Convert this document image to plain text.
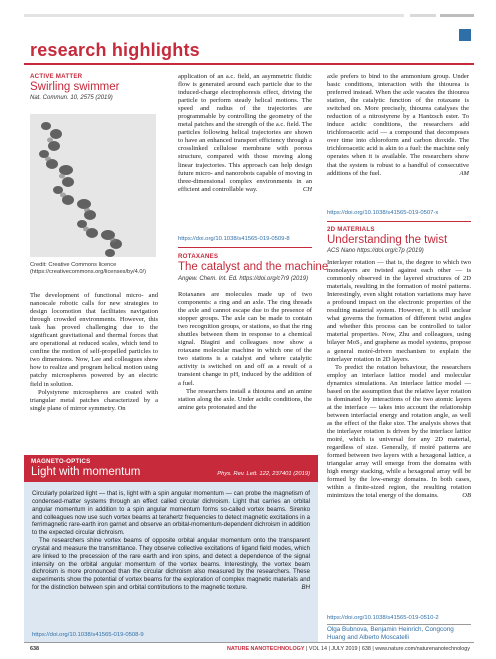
research highlights
ACTIVE MATTER
Swirling swimmer
Nat. Commun. 10, 2575 (2019)
Credit: Creative Commons licence (https://creativecommons.org/licenses/by/4.0/)

The development of functional micro- and nanoscale robotic calls for new strategies to design locomotion that facilitates navigation through crowded environments. However, this task has proved challenging due to the significant gravitational and thermal forces that are operational at reduced scales, which tend to confine the motion of self-propelled particles to two dimensions. Now, Lee and colleagues show how to realize and program helical motion using patchy microspheres powered by an electric field in solution.

Polystyrene microspheres are coated with triangular metal patches characterized by a single plane of mirror symmetry. On

application of an a.c. field, an asymmetric fluidic flow is generated around each particle due to the induced-charge electrophoresis effect, driving the particle to perform steady helical motions. The speed and radius of the trajectories are programmable by controlling the geometry of the metal patches and the strength of the a.c. field. The particles following helical trajectories are shown to have an enhanced transport efficiency through a crosslinked cellulose membrane with porous structure, compared with those moving along linear trajectories. This approach can help design future micro- and nanorobots capable of moving in three-dimensional complex environments in an efficient and controllable way.	CH

https://doi.org/10.1038/s41565-019-0509-8
ROTAXANES
The catalyst and the machine
Angew. Chem. Int. Ed. https://doi.org/c7r9 (2019)

Rotaxanes are molecules made up of two components: a ring and an axle. The ring threads the axle and cannot escape due to the presence of stopper groups. The axle can be made to contain two recognition groups, or stations, so that the ring shuttles between them in response to a chemical signal. Biagini and colleagues now show a rotaxane molecular machine in which one of the two stations is a catalyst and where catalytic activity is switched on and off as a result of a transient change in pH, induced by the addition of a fuel.

The researchers install a thiourea and an amine station along the axle. Under acidic conditions, the amine gets protonated and the

axle prefers to bind to the ammonium group. Under basic conditions, interaction with the thiourea is preferred instead. When the axle vacates the thiourea station, the catalytic function of the rotaxane is switched on. More precisely, thiourea catalyses the reduction of a nitrostyrene by a Hantzsch ester. To induce acidic conditions, the researchers add trichloroacetic acid — a compound that decomposes over time into chloroform and carbon dioxide. The trichloroacetic acid is akin to a fuel: the machine only operates when it is available. The researchers show that the system is robust to a handful of consecutive additions of the fuel.	AM

https://doi.org/10.1038/s41565-019-0507-x
2D MATERIALS
Understanding the twist
ACS Nano https://doi.org/c7p (2019)

Interlayer rotation — that is, the degree to which two monolayers are twisted against each other — is commonly observed in the layered structures of 2D materials, resulting in the formation of moiré patterns. Interestingly, even slight rotation variations may have a profound impact on the electronic properties of the resulting material system. However, it is still unclear what governs the formation of different twist angles and whether this process can be controlled to tailor material properties. Now, Zhu and colleagues, using bilayer MoS₂ and graphene as model systems, propose a general moiré-driven mechanism to explain the interlayer rotation in 2D layers.

To predict the rotation behaviour, the researchers employ an interlace lattice model and molecular dynamics simulations. An interlace lattice model — based on the assumption that the relative layer rotation is dominated by interactions of the two atomic layers at the interface — takes into account the relationship between interfacial energy and rotation angle, as well as the effect of the flake size. The analysis shows that the interlayer rotation is driven by the interface lattice moiré, which is universal for any 2D material, regardless of size. Generally, if moiré patterns are formed between two layers with a hexagonal lattice, a triangular array will emerge from the domains with high energy stacking, while a hexagonal array will be formed by the low-energy domains. In both cases, within a finite-sized region, the resulting rotation minimizes the total energy of the domains.	OB

https://doi.org/10.1038/s41565-019-0510-2
Olga Bubnova, Benjamin Heinrich, Congcong Huang and Alberto Moscatelli
MAGNETO-OPTICS
Light with momentum	Phys. Rev. Lett. 122, 237401 (2019)

Circularly polarized light — that is, light with a spin angular momentum — can probe the magnetism of condensed-matter systems through an effect called circular dichroism. Light that carries an orbital angular momentum in addition to a spin angular momentum forms so-called vortex beams. Sirenko and colleagues now use such vortex beams at terahertz frequencies to detect magnetic excitations in a ferrimagnetic rare-earth iron garnet and observe an orbital-momentum-dependent dichroism in addition to the expected circular dichroism.

The researchers shine vortex beams of opposite orbital angular momentum onto the transparent crystal and measure the transmittance. They observe collective excitations of ligand field modes, which are linked to the precession of the rare earth and iron spins, and detect a dependence of the signal intensity on the orbital angular momentum of the vortex beams. Interestingly, the vortex beam dichroism is more pronounced than the circular dichroism also measured by the researchers. These experiments show the potential of vortex beams for the exploration of complex magnetic materials and for the distinction between spin and orbital contributions to the magnetic texture.	BH

https://doi.org/10.1038/s41565-019-0508-9
638	NATURE NANOTECHNOLOGY | VOL 14 | JULY 2019 | 638 | www.nature.com/naturenanotechnology
